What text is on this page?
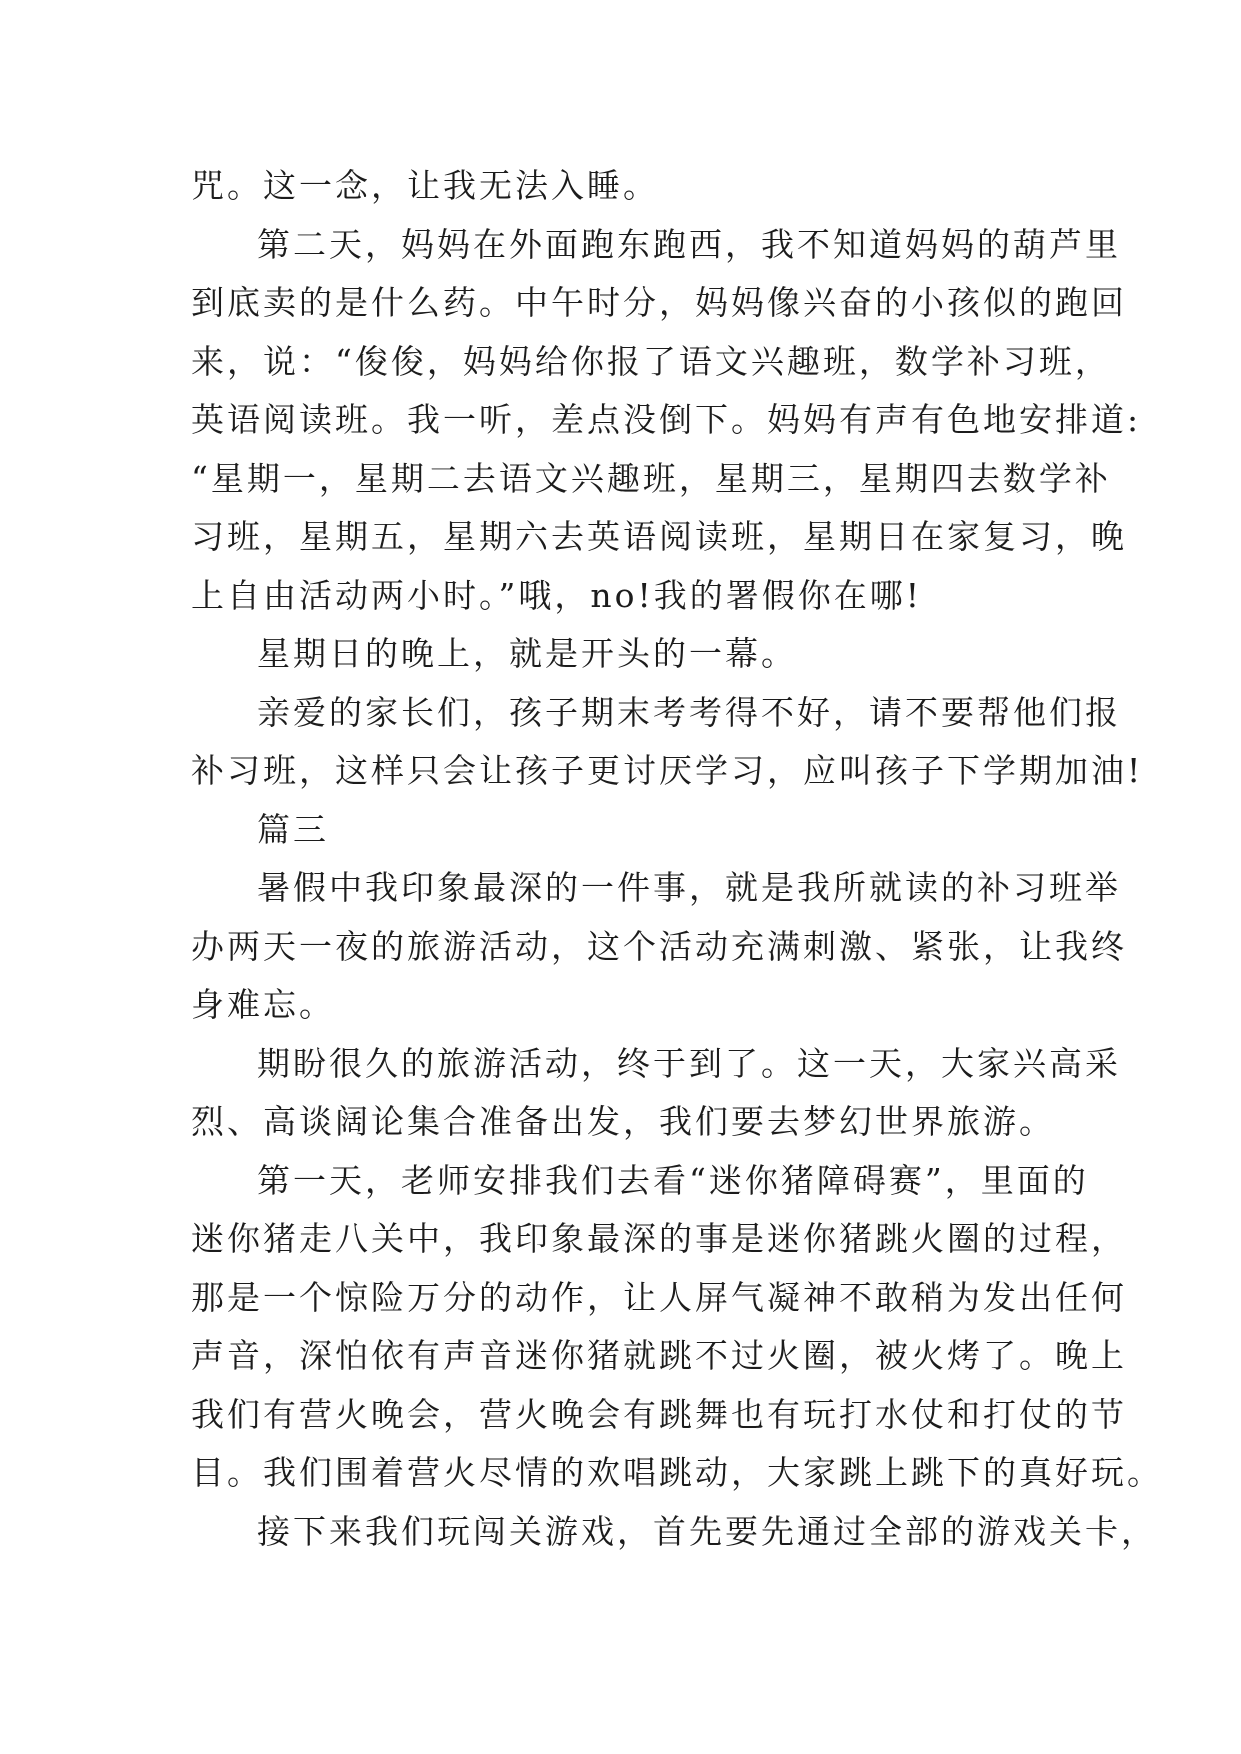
咒。这一念，让我无法入睡。
第二天，妈妈在外面跑东跑西，我不知道妈妈的葫芦里
到底卖的是什么药。中午时分，妈妈像兴奋的小孩似的跑回
来，说：“俊俊，妈妈给你报了语文兴趣班，数学补习班，
英语阅读班。我一听，差点没倒下。妈妈有声有色地安排道:
“星期一，星期二去语文兴趣班，星期三，星期四去数学补
习班，星期五，星期六去英语阅读班，星期日在家复习，晚
上自由活动两小时。”哦，no!我的署假你在哪!
星期日的晚上，就是开头的一幕。
亲爱的家长们，孩子期末考考得不好，请不要帮他们报
补习班，这样只会让孩子更讨厌学习，应叫孩子下学期加油!
篇三
暑假中我印象最深的一件事，就是我所就读的补习班举
办两天一夜的旅游活动，这个活动充满刺激、紧张，让我终
身难忘。
期盼很久的旅游活动，终于到了。这一天，大家兴高采
烈、高谈阔论集合准备出发，我们要去梦幻世界旅游。
第一天，老师安排我们去看“迷你猪障碍赛”，里面的
迷你猪走八关中，我印象最深的事是迷你猪跳火圈的过程，
那是一个惊险万分的动作，让人屏气凝神不敢稍为发出任何
声音，深怕依有声音迷你猪就跳不过火圈，被火烤了。晚上
我们有营火晚会，营火晚会有跳舞也有玩打水仗和打仗的节
目。我们围着营火尽情的欢唱跳动，大家跳上跳下的真好玩。
接下来我们玩闯关游戏，首先要先通过全部的游戏关卡，
